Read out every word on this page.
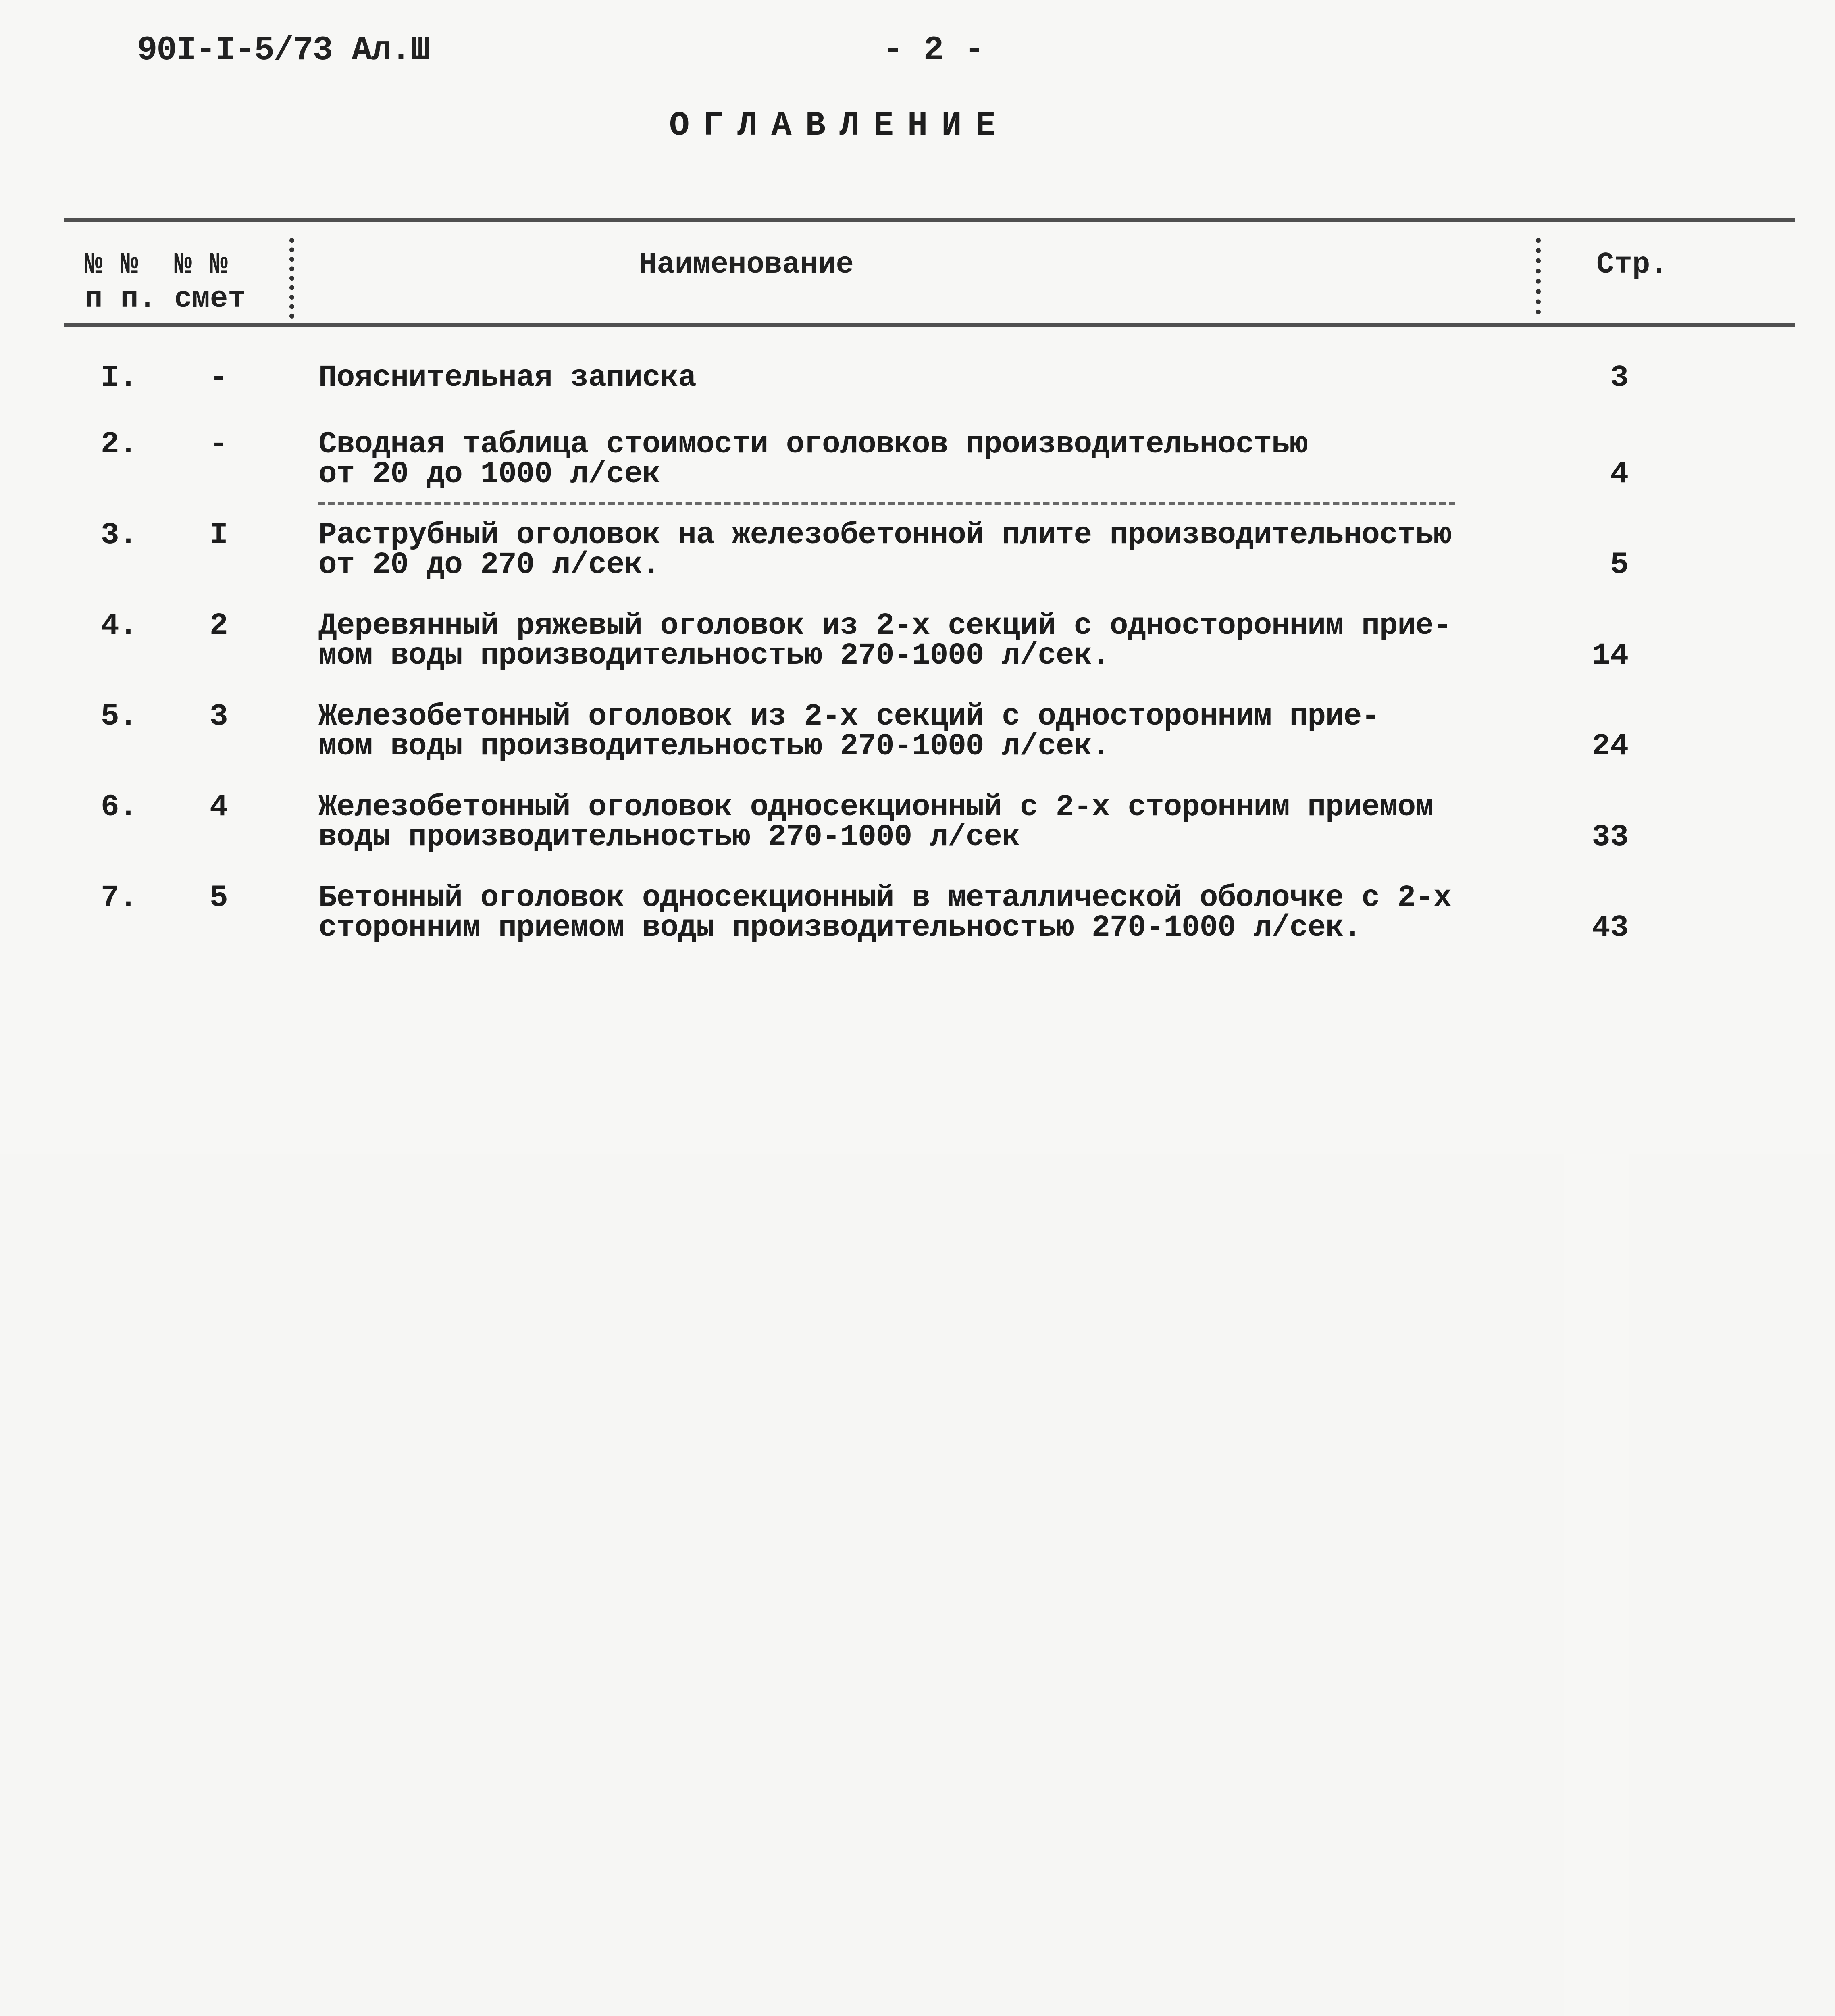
90I-I-5/73 Ал.Ш	- 2 -
ОГЛАВЛЕНИЕ
№ №
п п.
№ №
смет
Наименование	Стр.
I. -	Пояснительная записка	3
2. -	Сводная таблица стоимости оголовков производительностью
от 20 до 1000 л/сек	4
3. I	Раструбный оголовок на железобетонной плите производительностью
от 20 до 270 л/сек.	5
4. 2	Деревянный ряжевый оголовок из 2-х секций с односторонним прие-
мом воды производительностью 270-1000 л/сек.	14
5. 3	Железобетонный оголовок из 2-х секций с односторонним прие-
мом воды производительностью 270-1000 л/сек.	24
6. 4	Железобетонный оголовок односекционный с 2-х сторонним приемом
воды производительностью 270-1000 л/сек	33
7. 5	Бетонный оголовок односекционный в металлической оболочке с 2-х
сторонним приемом воды производительностью 270-1000 л/сек.	43
